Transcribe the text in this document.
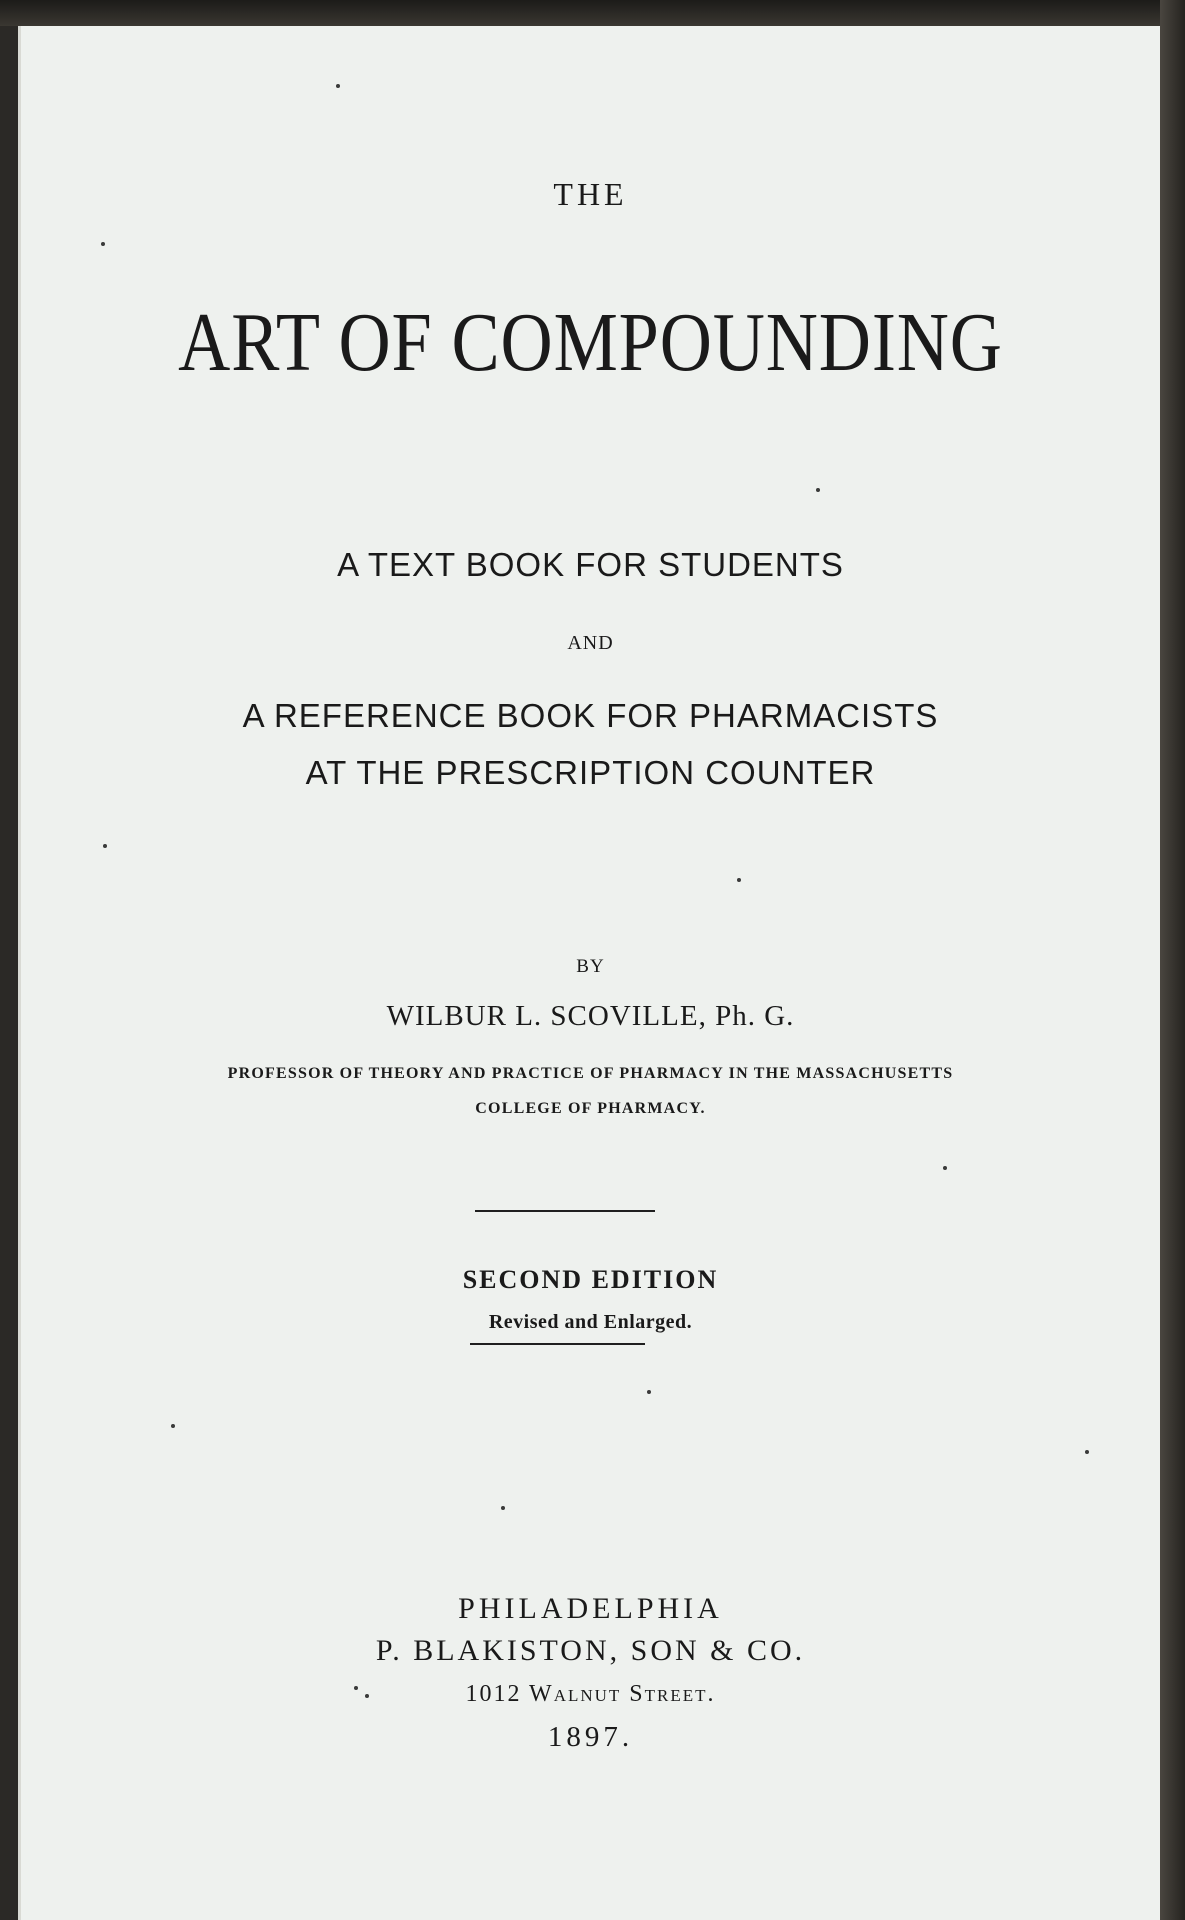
THE

ART OF COMPOUNDING

A TEXT BOOK FOR STUDENTS

AND

A REFERENCE BOOK FOR PHARMACISTS

AT THE PRESCRIPTION COUNTER

BY

WILBUR L. SCOVILLE, Ph. G.

PROFESSOR OF THEORY AND PRACTICE OF PHARMACY IN THE MASSACHUSETTS

COLLEGE OF PHARMACY.

SECOND EDITION

Revised and Enlarged.

PHILADELPHIA

P. BLAKISTON, SON & CO.

1012 Walnut Street.

1897.
